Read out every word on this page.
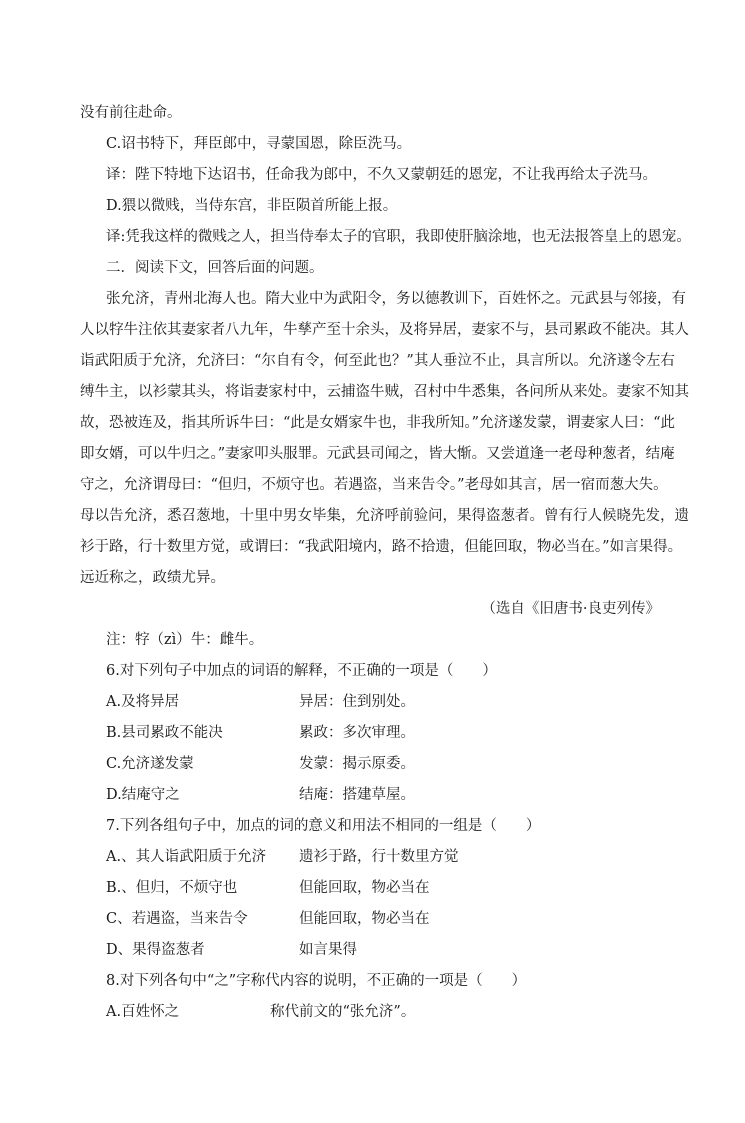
没有前往赴命。
C.诏书特下，拜臣郎中，寻蒙国恩，除臣洗马。
译：陛下特地下达诏书，任命我为郎中，不久又蒙朝廷的恩宠，不让我再给太子洗马。
D.猥以微贱，当侍东宫，非臣陨首所能上报。
译:凭我这样的微贱之人，担当侍奉太子的官职，我即使肝脑涂地，也无法报答皇上的恩宠。
二．阅读下文，回答后面的问题。
张允济，青州北海人也。隋大业中为武阳令，务以德教训下，百姓怀之。元武县与邻接，有
人以牸牛注依其妻家者八九年，牛孳产至十余头，及将异居，妻家不与，县司累政不能决。其人
诣武阳质于允济，允济曰：“尔自有令，何至此也？”其人垂泣不止，具言所以。允济遂令左右
缚牛主，以衫蒙其头，将诣妻家村中，云捕盗牛贼，召村中牛悉集，各问所从来处。妻家不知其
故，恐被连及，指其所诉牛曰：“此是女婿家牛也，非我所知。”允济遂发蒙，谓妻家人曰：“此
即女婿，可以牛归之。”妻家叩头服罪。元武县司闻之，皆大惭。又尝道逢一老母种葱者，结庵
守之，允济谓母曰：“但归，不烦守也。若遇盗，当来告令。”老母如其言，居一宿而葱大失。
母以告允济，悉召葱地，十里中男女毕集，允济呼前验问，果得盗葱者。曾有行人候晓先发，遗
衫于路，行十数里方觉，或谓曰：“我武阳境内，路不拾遗，但能回取，物必当在。”如言果得。
远近称之，政绩尤异。
（选自《旧唐书·良吏列传》
注：牸（zì）牛：雌牛。
6.对下列句子中加点的词语的解释，不正确的一项是（　　）
A.及将异居	异居：住到别处。
B.县司累政不能决	累政：多次审理。
C.允济遂发蒙	发蒙：揭示原委。
D.结庵守之	结庵：搭建草屋。
7.下列各组句子中，加点的词的意义和用法不相同的一组是（　　）
A.、其人诣武阳质于允济 遗衫于路，行十数里方觉
B.、但归，不烦守也	但能回取，物必当在
C、若遇盗，当来告令	但能回取，物必当在
D、果得盗葱者	如言果得
8.对下列各句中“之”字称代内容的说明，不正确的一项是（　　）
A.百姓怀之	称代前文的“张允济”。
